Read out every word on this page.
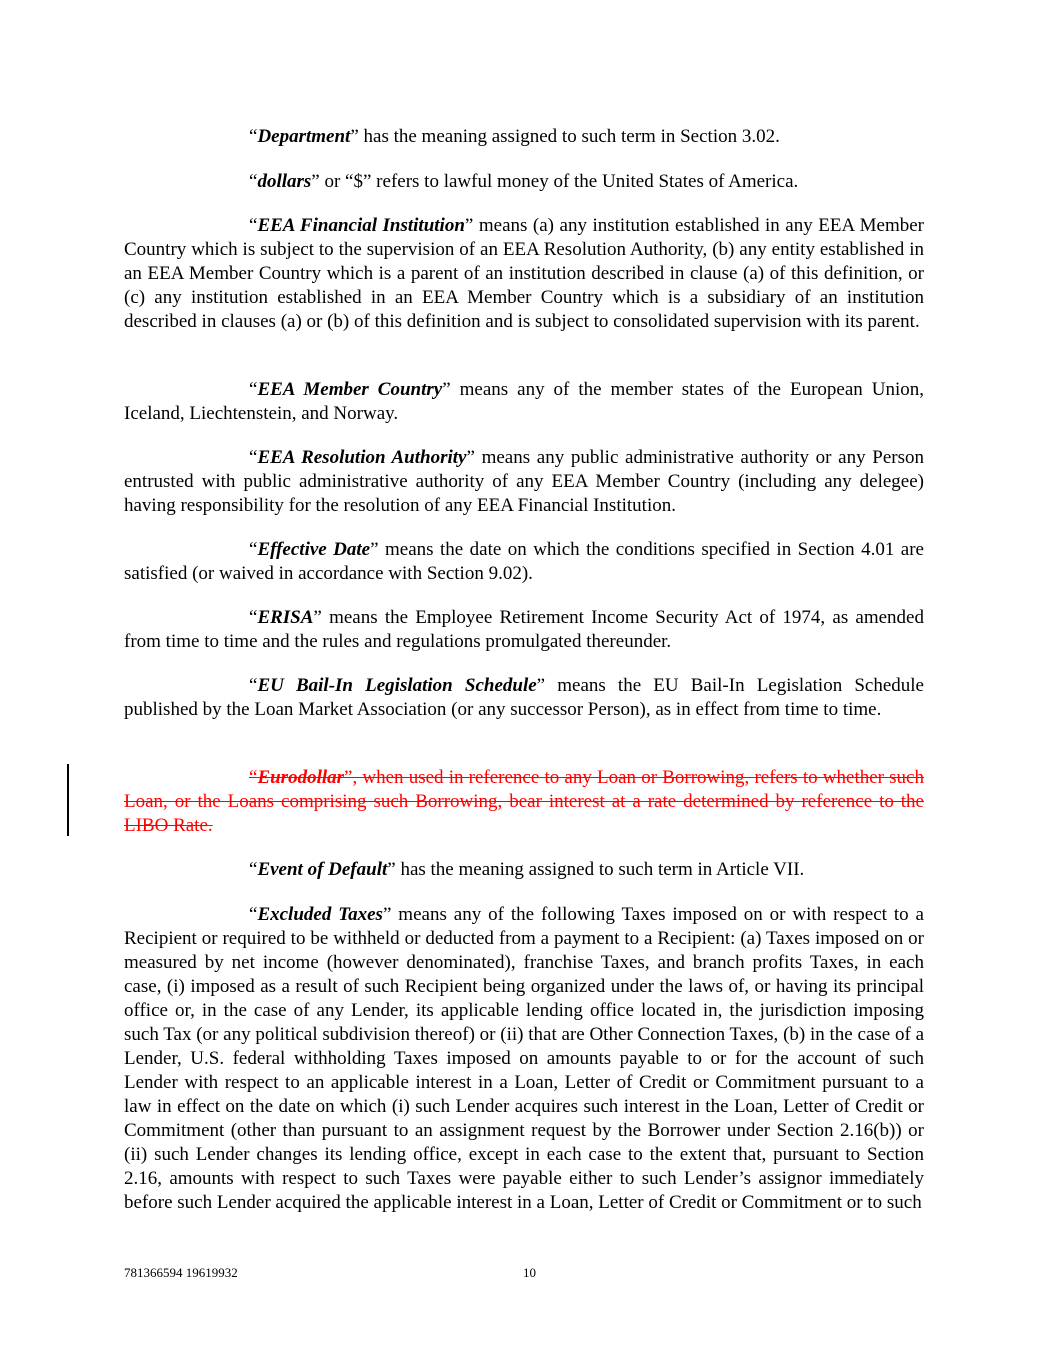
“Department” has the meaning assigned to such term in Section 3.02.

“dollars” or “$” refers to lawful money of the United States of America.

“EEA Financial Institution” means (a) any institution established in any EEA Member Country which is subject to the supervision of an EEA Resolution Authority, (b) any entity established in an EEA Member Country which is a parent of an institution described in clause (a) of this definition, or (c) any institution established in an EEA Member Country which is a subsidiary of an institution described in clauses (a) or (b) of this definition and is subject to consolidated supervision with its parent.

“EEA Member Country” means any of the member states of the European Union, Iceland, Liechtenstein, and Norway.

“EEA Resolution Authority” means any public administrative authority or any Person entrusted with public administrative authority of any EEA Member Country (including any delegee) having responsibility for the resolution of any EEA Financial Institution.

“Effective Date” means the date on which the conditions specified in Section 4.01 are satisfied (or waived in accordance with Section 9.02).

“ERISA” means the Employee Retirement Income Security Act of 1974, as amended from time to time and the rules and regulations promulgated thereunder.

“EU Bail-In Legislation Schedule” means the EU Bail-In Legislation Schedule published by the Loan Market Association (or any successor Person), as in effect from time to time.

“Eurodollar”, when used in reference to any Loan or Borrowing, refers to whether such Loan, or the Loans comprising such Borrowing, bear interest at a rate determined by reference to the LIBO Rate.

“Event of Default” has the meaning assigned to such term in Article VII.

“Excluded Taxes” means any of the following Taxes imposed on or with respect to a Recipient or required to be withheld or deducted from a payment to a Recipient: (a) Taxes imposed on or measured by net income (however denominated), franchise Taxes, and branch profits Taxes, in each case, (i) imposed as a result of such Recipient being organized under the laws of, or having its principal office or, in the case of any Lender, its applicable lending office located in, the jurisdiction imposing such Tax (or any political subdivision thereof) or (ii) that are Other Connection Taxes, (b) in the case of a Lender, U.S. federal withholding Taxes imposed on amounts payable to or for the account of such Lender with respect to an applicable interest in a Loan, Letter of Credit or Commitment pursuant to a law in effect on the date on which (i) such Lender acquires such interest in the Loan, Letter of Credit or Commitment (other than pursuant to an assignment request by the Borrower under Section 2.16(b)) or (ii) such Lender changes its lending office, except in each case to the extent that, pursuant to Section 2.16, amounts with respect to such Taxes were payable either to such Lender’s assignor immediately before such Lender acquired the applicable interest in a Loan, Letter of Credit or Commitment or to such

781366594 19619932	10
